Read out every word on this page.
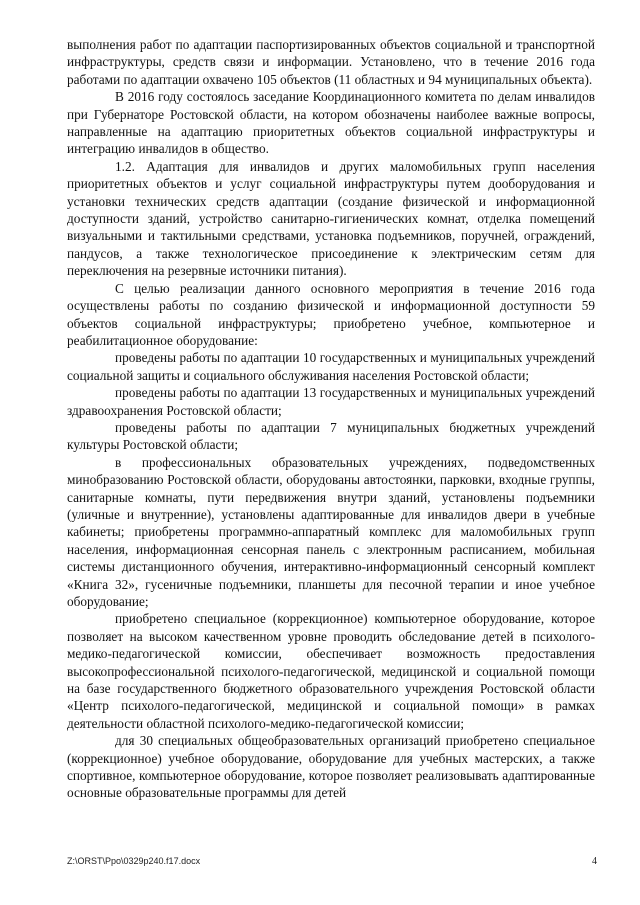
выполнения работ по адаптации паспортизированных объектов социальной и транспортной инфраструктуры, средств связи и информации. Установлено, что в течение 2016 года работами по адаптации охвачено 105 объектов (11 областных и 94 муниципальных объекта).

В 2016 году состоялось заседание Координационного комитета по делам инвалидов при Губернаторе Ростовской области, на котором обозначены наиболее важные вопросы, направленные на адаптацию приоритетных объектов социальной инфраструктуры и интеграцию инвалидов в общество.

1.2. Адаптация для инвалидов и других маломобильных групп населения приоритетных объектов и услуг социальной инфраструктуры путем дооборудования и установки технических средств адаптации (создание физической и информационной доступности зданий, устройство санитарно-гигиенических комнат, отделка помещений визуальными и тактильными средствами, установка подъемников, поручней, ограждений, пандусов, а также технологическое присоединение к электрическим сетям для переключения на резервные источники питания).

С целью реализации данного основного мероприятия в течение 2016 года осуществлены работы по созданию физической и информационной доступности 59 объектов социальной инфраструктуры; приобретено учебное, компьютерное и реабилитационное оборудование:

проведены работы по адаптации 10 государственных и муниципальных учреждений социальной защиты и социального обслуживания населения Ростовской области;

проведены работы по адаптации 13 государственных и муниципальных учреждений здравоохранения Ростовской области;

проведены работы по адаптации 7 муниципальных бюджетных учреждений культуры Ростовской области;

в профессиональных образовательных учреждениях, подведомственных минобразованию Ростовской области, оборудованы автостоянки, парковки, входные группы, санитарные комнаты, пути передвижения внутри зданий, установлены подъемники (уличные и внутренние), установлены адаптированные для инвалидов двери в учебные кабинеты; приобретены программно-аппаратный комплекс для маломобильных групп населения, информационная сенсорная панель с электронным расписанием, мобильная системы дистанционного обучения, интерактивно-информационный сенсорный комплект «Книга 32», гусеничные подъемники, планшеты для песочной терапии и иное учебное оборудование;

приобретено специальное (коррекционное) компьютерное оборудование, которое позволяет на высоком качественном уровне проводить обследование детей в психолого-медико-педагогической комиссии, обеспечивает возможность предоставления высокопрофессиональной психолого-педагогической, медицинской и социальной помощи на базе государственного бюджетного образовательного учреждения Ростовской области «Центр психолого-педагогической, медицинской и социальной помощи» в рамках деятельности областной психолого-медико-педагогической комиссии;

для 30 специальных общеобразовательных организаций приобретено специальное (коррекционное) учебное оборудование, оборудование для учебных мастерских, а также спортивное, компьютерное оборудование, которое позволяет реализовывать адаптированные основные образовательные программы для детей

Z:\ORST\Ppo\0329p240.f17.docx	4
